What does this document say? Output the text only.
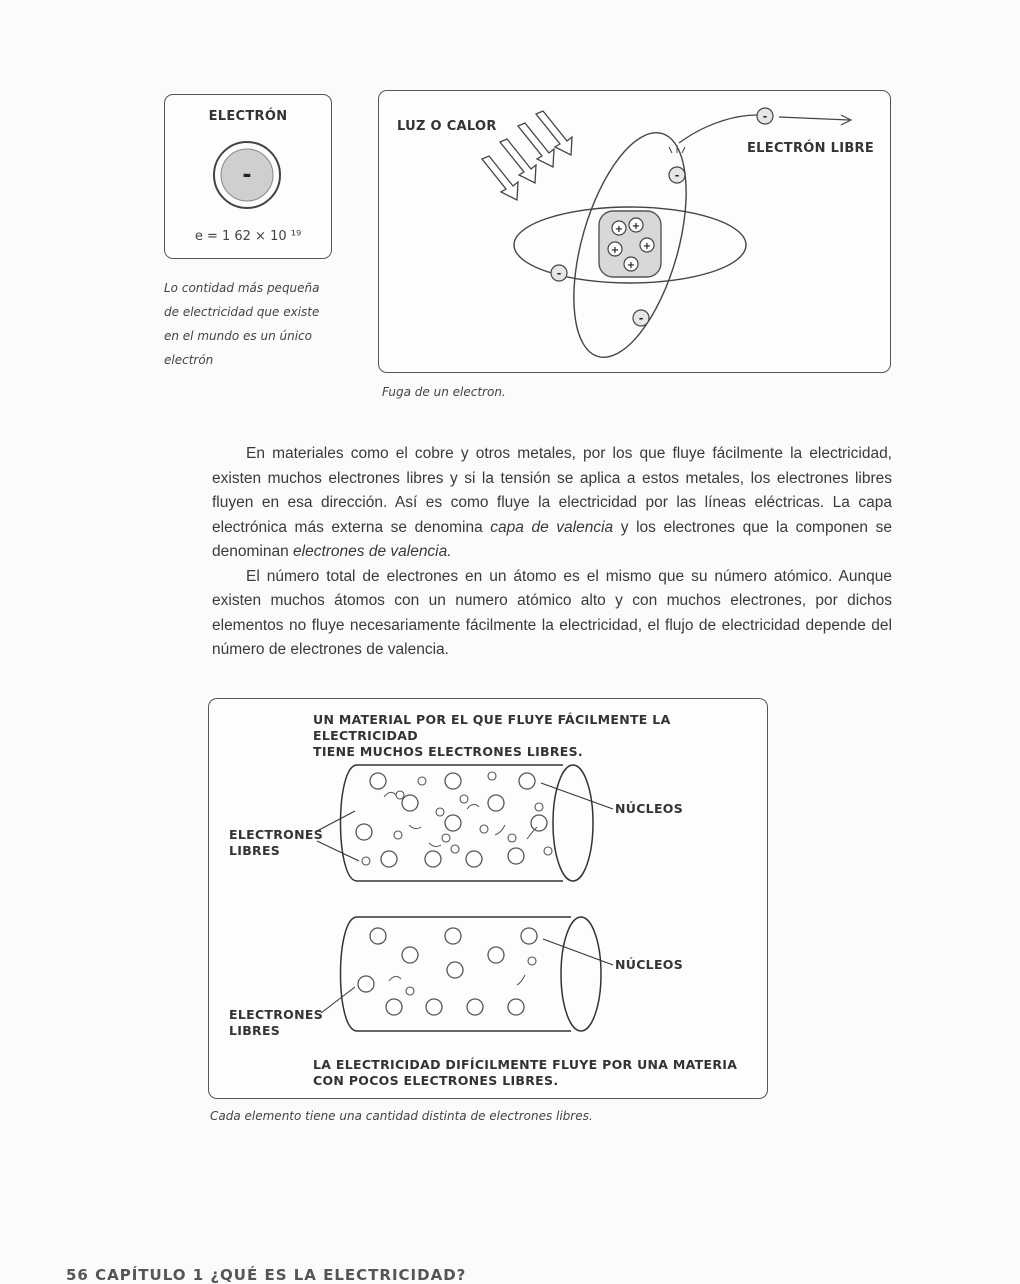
ELECTRÓN
-
e = 1 62 × 10 ¹⁹
Lo contidad más pequeña
de electricidad que existe
en el mundo es un único
electrón
LUZ O CALOR
ELECTRÓN LIBRE
+ +
+ +
+
-
-
-
-
Fuga de un electron.

En materiales como el cobre y otros metales, por los que fluye fácilmente la electricidad, existen muchos electrones libres y si la tensión se aplica a estos metales, los electrones libres fluyen en esa dirección. Así es como fluye la electricidad por las líneas eléctricas. La capa electrónica más externa se denomina capa de valencia y los electrones que la componen se denominan electrones de valencia.

El número total de electrones en un átomo es el mismo que su número atómico. Aunque existen muchos átomos con un numero atómico alto y con muchos electrones, por dichos elementos no fluye necesariamente fácilmente la electricidad, el flujo de electricidad depende del número de electrones de valencia.

UN MATERIAL POR EL QUE FLUYE FÁCILMENTE LA ELECTRICIDAD
TIENE MUCHOS ELECTRONES LIBRES.
NÚCLEOS
ELECTRONES
LIBRES
NÚCLEOS
ELECTRONES
LIBRES
LA ELECTRICIDAD DIFÍCILMENTE FLUYE POR UNA MATERIA
CON POCOS ELECTRONES LIBRES.
Cada elemento tiene una cantidad distinta de electrones libres.
56 CAPÍTULO 1 ¿QUÉ ES LA ELECTRICIDAD?
